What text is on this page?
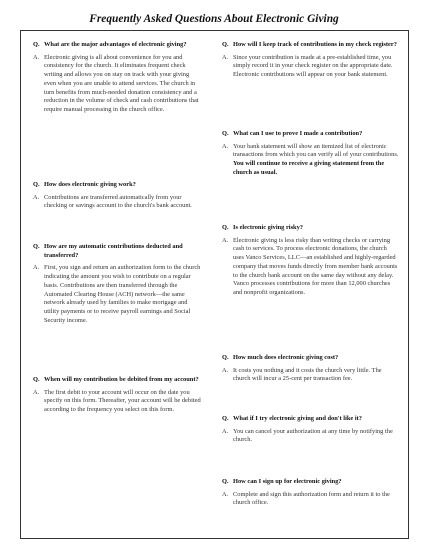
Frequently Asked Questions About Electronic Giving
Q. What are the major advantages of electronic giving?
A. Electronic giving is all about convenience for you and consistency for the church. It eliminates frequent check writing and allows you on stay on track with your giving even when you are unable to attend services. The church in turn benefits from much-needed donation consistency and a reduction in the volume of check and cash contributions that require manual processing in the church office.
Q. How does electronic giving work?
A. Contributions are transferred automatically from your checking or savings account to the church's bank account.
Q. How are my automatic contributions deducted and transferred?
A. First, you sign and return an authorization form to the church indicating the amount you wish to contribute on a regular basis. Contributions are then transferred through the Automated Clearing House (ACH) network—the same network already used by families to make mortgage and utility payments or to receive payroll earnings and Social Security income.
Q. When will my contribution be debited from my account?
A. The first debit to your account will occur on the date you specify on this form. Thereafter, your account will be debited according to the frequency you select on this form.
Q. How will I keep track of contributions in my check register?
A. Since your contribution is made at a pre-established time, you simply record it in your check register on the appropriate date. Electronic contributions will appear on your bank statement.
Q. What can I use to prove I made a contribution?
A. Your bank statement will show an itemized list of electronic transactions from which you can verify all of your contributions. You will continue to receive a giving statement from the church as usual.
Q. Is electronic giving risky?
A. Electronic giving is less risky than writing checks or carrying cash to services. To process electronic donations, the church uses Vanco Services, LLC—an established and highly-regarded company that moves funds directly from member bank accounts to the church bank account on the same day without any delay. Vanco processes contributions for more than 12,000 churches and nonprofit organizations.
Q. How much does electronic giving cost?
A. It costs you nothing and it costs the church very little. The church will incur a 25-cent per transaction fee.
Q. What if I try electronic giving and don't like it?
A. You can cancel your authorization at any time by notifying the church.
Q. How can I sign up for electronic giving?
A. Complete and sign this authorization form and return it to the church office.
